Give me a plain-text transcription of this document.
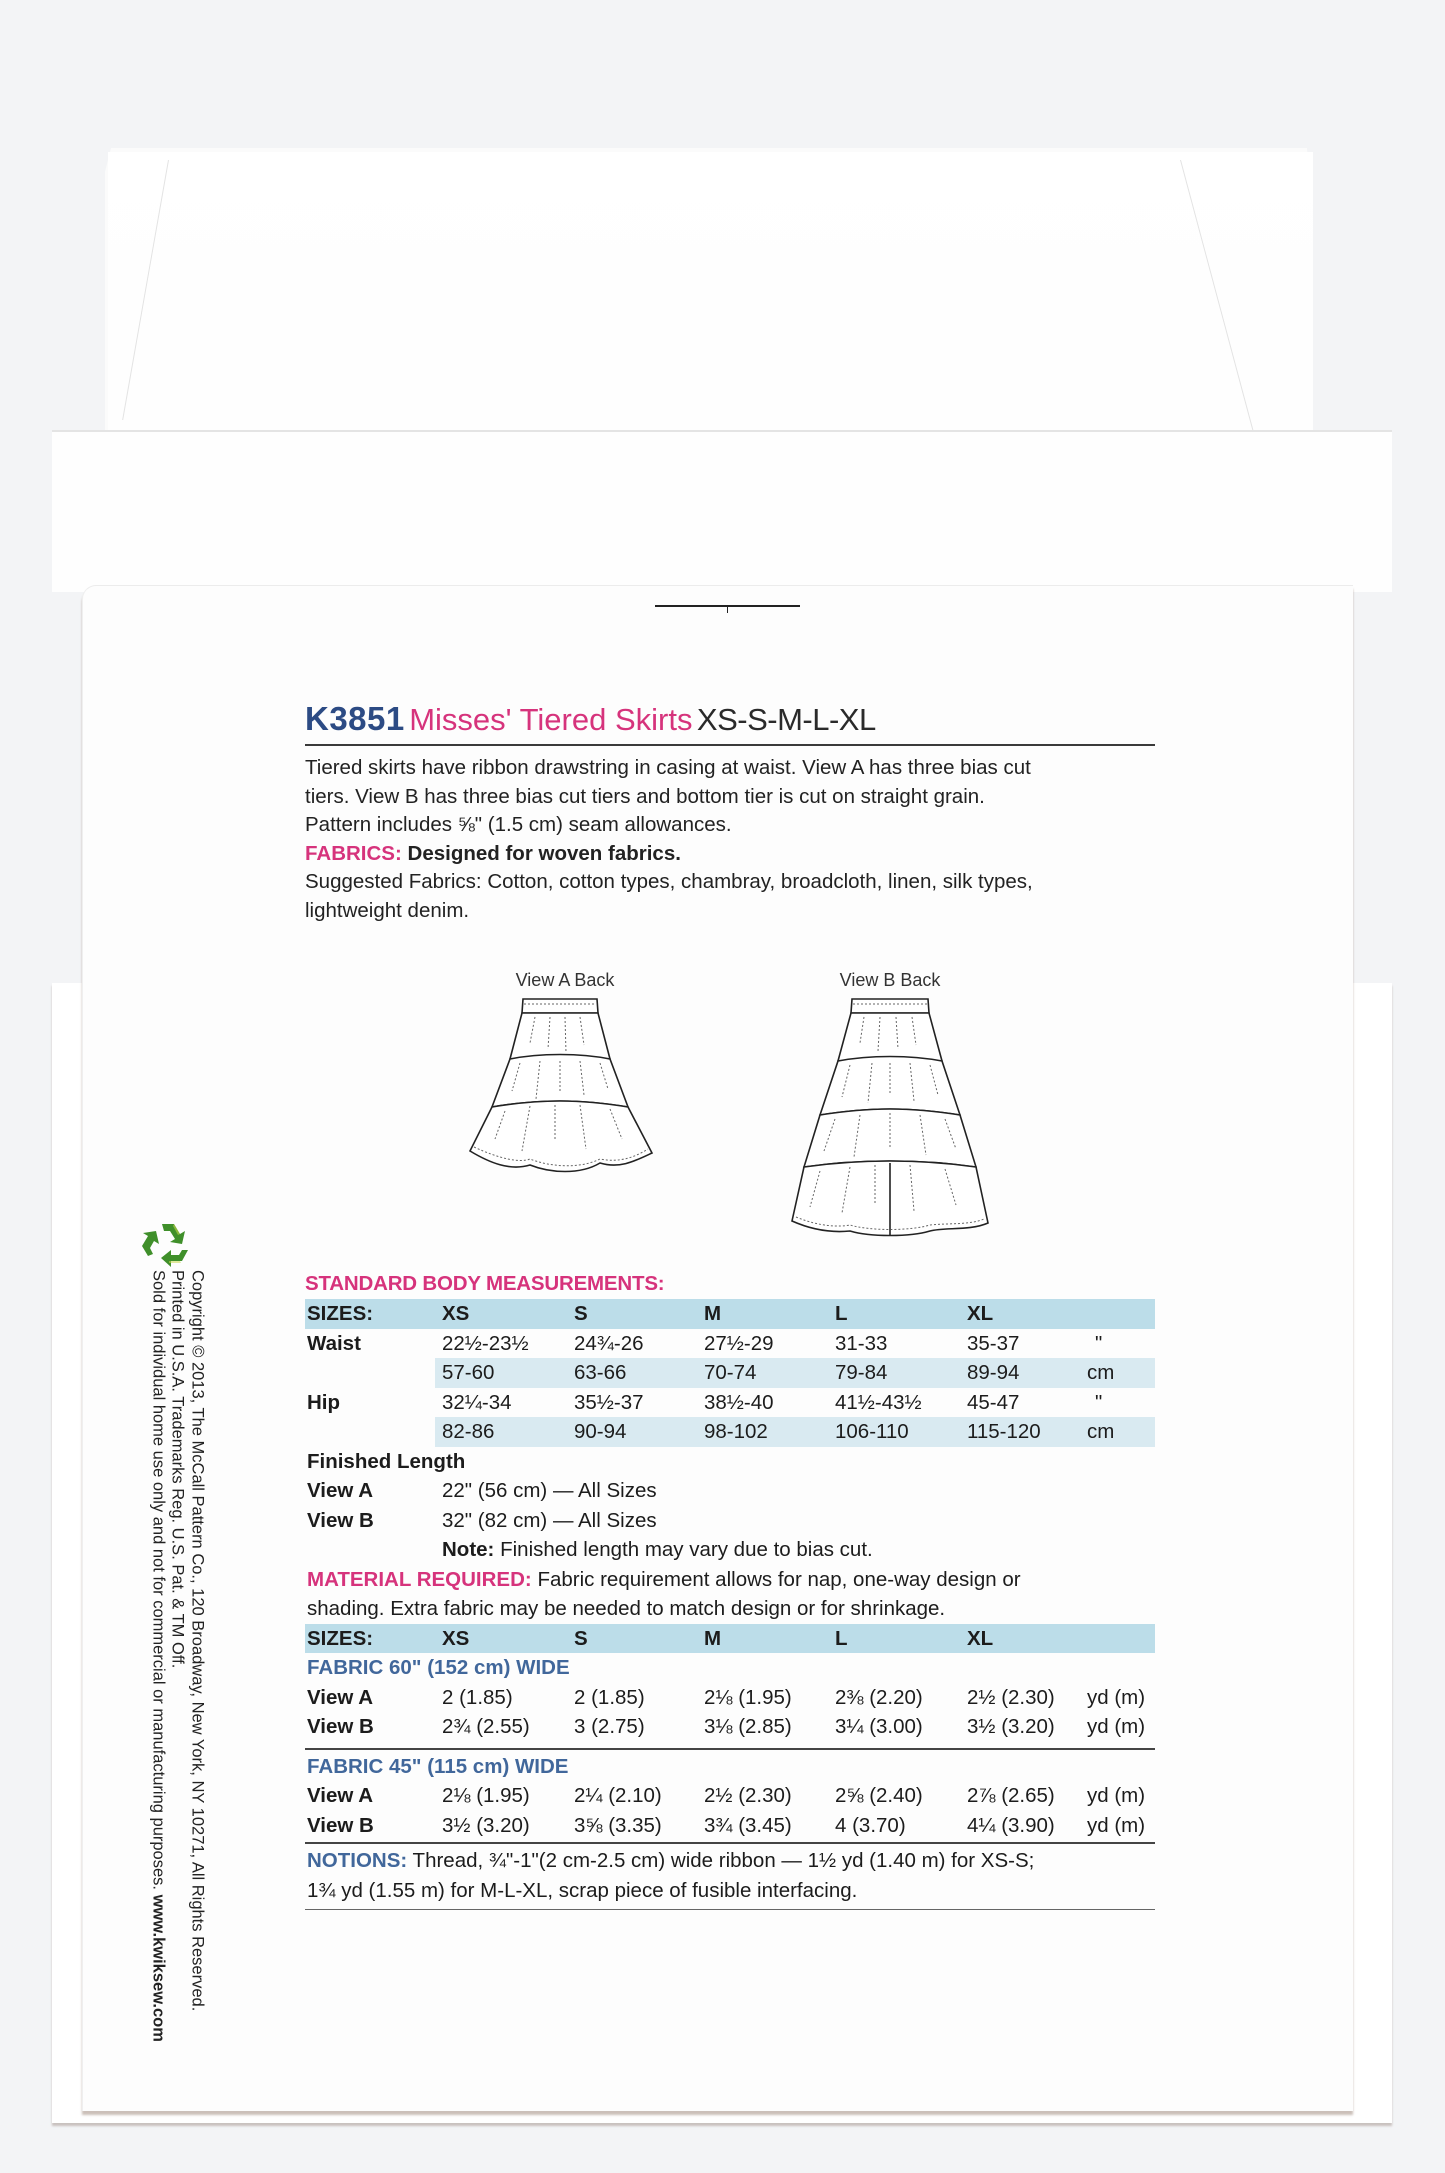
Copyright © 2013, The McCall Pattern Co., 120 Broadway, New York, NY 10271, All Rights Reserved.
Printed in U.S.A. Trademarks Reg. U.S. Pat. & TM Off.
Sold for individual home use only and not for commercial or manufacturing purposes. www.kwiksew.com
K3851 Misses' Tiered Skirts XS-S-M-L-XL
Tiered skirts have ribbon drawstring in casing at waist. View A has three bias cut
tiers. View B has three bias cut tiers and bottom tier is cut on straight grain.
Pattern includes ⅝" (1.5 cm) seam allowances.
FABRICS: Designed for woven fabrics.
Suggested Fabrics: Cotton, cotton types, chambray, broadcloth, linen, silk types,
lightweight denim.
View A Back	View B Back
STANDARD BODY MEASUREMENTS:
SIZES:	XS	S	M	L	XL
Waist	22½-23½ 24¾-26	27½-29	31-33	35-37	"
57-60	63-66	70-74	79-84	89-94	cm
Hip	32¼-34	35½-37	38½-40	41½-43½ 45-47	"
82-86	90-94	98-102	106-110	115-120 cm
Finished Length
View A	22" (56 cm) — All Sizes
View B	32" (82 cm) — All Sizes
Note: Finished length may vary due to bias cut.
MATERIAL REQUIRED: Fabric requirement allows for nap, one-way design or
shading. Extra fabric may be needed to match design or for shrinkage.
SIZES:	XS	S	M	L	XL
FABRIC 60" (152 cm) WIDE
View A	2 (1.85)	2 (1.85)	2⅛ (1.95) 2⅜ (2.20) 2½ (2.30) yd (m)
View B	2¾ (2.55) 3 (2.75)	3⅛ (2.85) 3¼ (3.00) 3½ (3.20) yd (m)
FABRIC 45" (115 cm) WIDE
View A	2⅛ (1.95) 2¼ (2.10) 2½ (2.30) 2⅝ (2.40) 2⅞ (2.65) yd (m)
View B	3½ (3.20) 3⅝ (3.35) 3¾ (3.45) 4 (3.70)	4¼ (3.90) yd (m)
NOTIONS: Thread, ¾"-1"(2 cm-2.5 cm) wide ribbon — 1½ yd (1.40 m) for XS-S;
1¾ yd (1.55 m) for M-L-XL, scrap piece of fusible interfacing.
